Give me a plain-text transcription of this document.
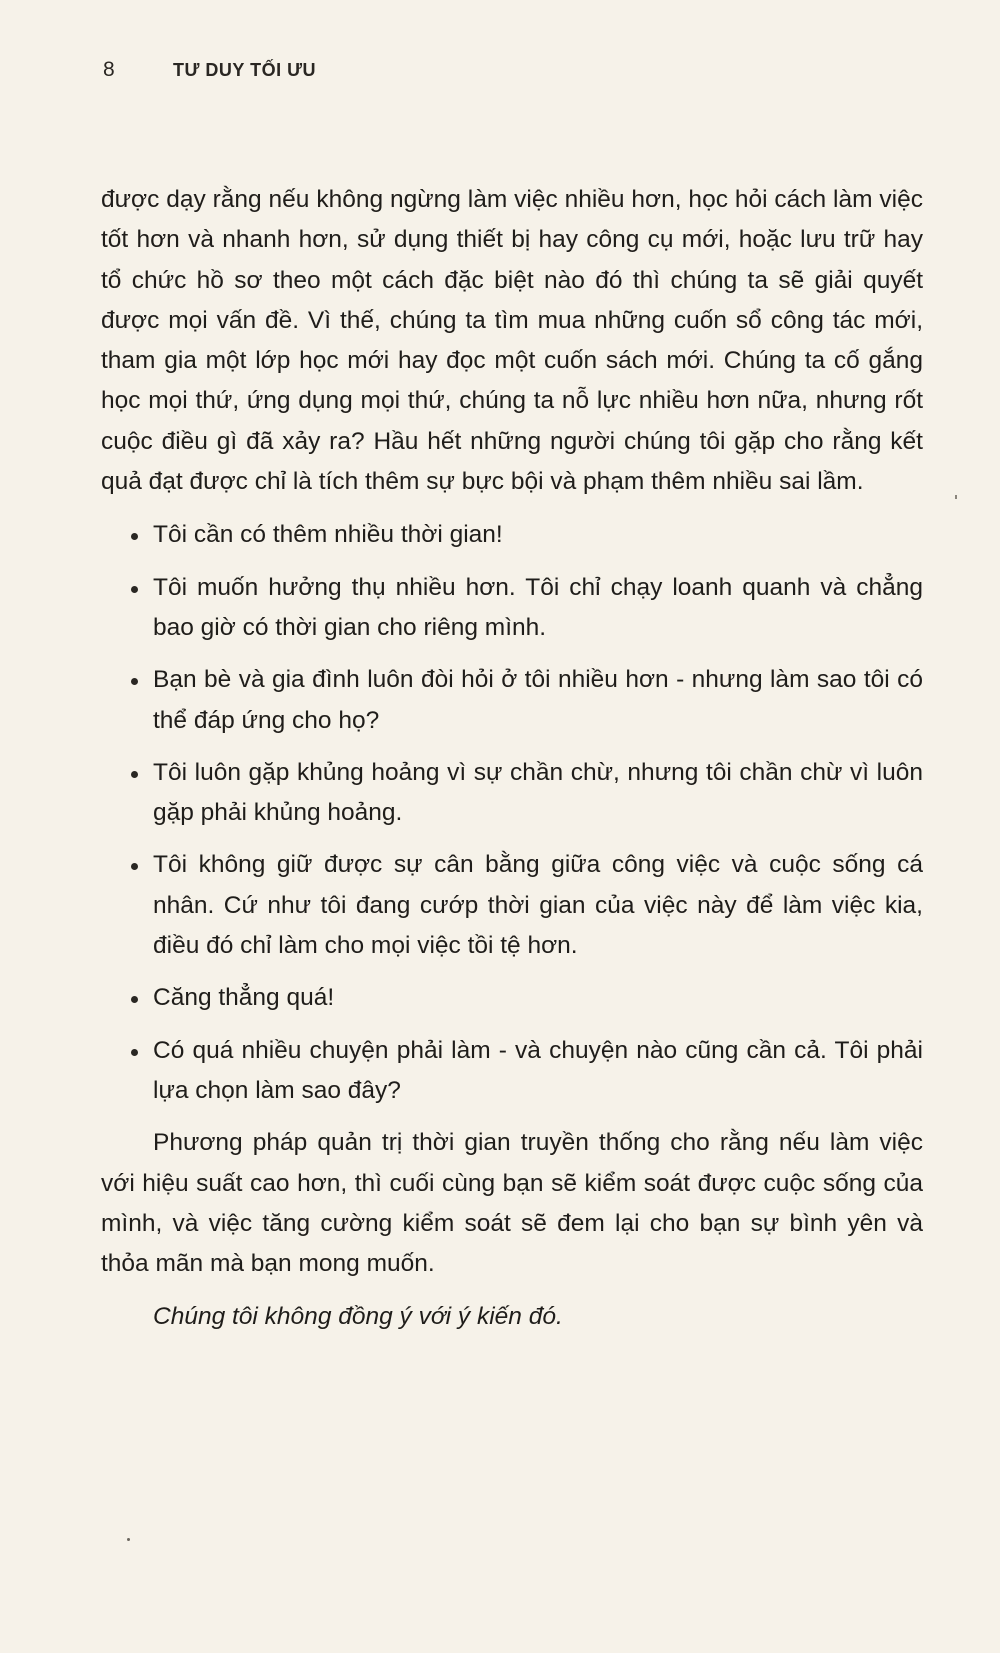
8	TƯ DUY TỐI ƯU

được dạy rằng nếu không ngừng làm việc nhiều hơn, học hỏi cách làm việc tốt hơn và nhanh hơn, sử dụng thiết bị hay công cụ mới, hoặc lưu trữ hay tổ chức hồ sơ theo một cách đặc biệt nào đó thì chúng ta sẽ giải quyết được mọi vấn đề. Vì thế, chúng ta tìm mua những cuốn sổ công tác mới, tham gia một lớp học mới hay đọc một cuốn sách mới. Chúng ta cố gắng học mọi thứ, ứng dụng mọi thứ, chúng ta nỗ lực nhiều hơn nữa, nhưng rốt cuộc điều gì đã xảy ra? Hầu hết những người chúng tôi gặp cho rằng kết quả đạt được chỉ là tích thêm sự bực bội và phạm thêm nhiều sai lầm.

Tôi cần có thêm nhiều thời gian!
Tôi muốn hưởng thụ nhiều hơn. Tôi chỉ chạy loanh quanh và chẳng bao giờ có thời gian cho riêng mình.
Bạn bè và gia đình luôn đòi hỏi ở tôi nhiều hơn - nhưng làm sao tôi có thể đáp ứng cho họ?
Tôi luôn gặp khủng hoảng vì sự chần chừ, nhưng tôi chần chừ vì luôn gặp phải khủng hoảng.
Tôi không giữ được sự cân bằng giữa công việc và cuộc sống cá nhân. Cứ như tôi đang cướp thời gian của việc này để làm việc kia, điều đó chỉ làm cho mọi việc tồi tệ hơn.
Căng thẳng quá!
Có quá nhiều chuyện phải làm - và chuyện nào cũng cần cả. Tôi phải lựa chọn làm sao đây?

Phương pháp quản trị thời gian truyền thống cho rằng nếu làm việc với hiệu suất cao hơn, thì cuối cùng bạn sẽ kiểm soát được cuộc sống của mình, và việc tăng cường kiểm soát sẽ đem lại cho bạn sự bình yên và thỏa mãn mà bạn mong muốn.

Chúng tôi không đồng ý với ý kiến đó.
